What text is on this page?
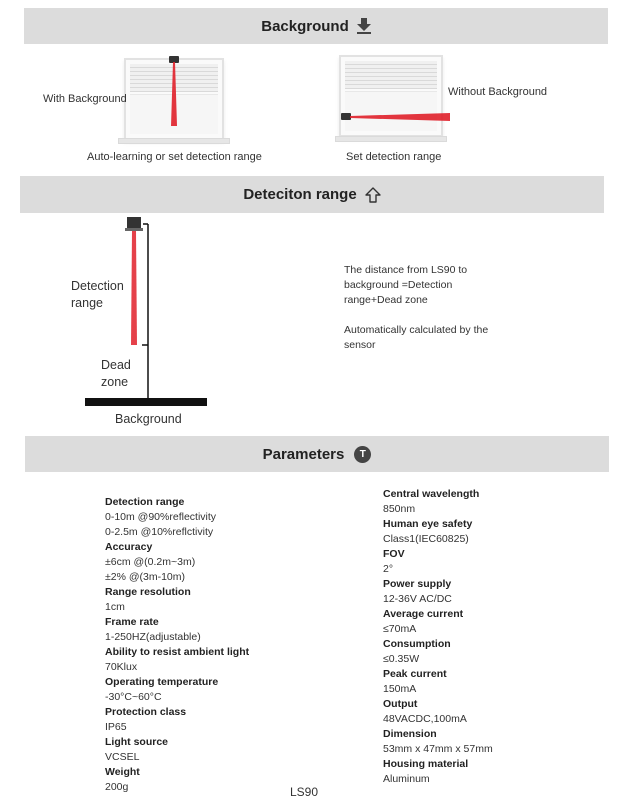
Background
With Background
Auto-learning or set detection range
Without Background
Set detection range
Deteciton range
Detection range
Dead zone
Background
The distance from LS90 to background =Detection range+Dead zone
Automatically calculated by the sensor
Parameters	T
Detection range
0-10m @90%reflectivity
0-2.5m @10%reflctivity
Accuracy
±6cm @(0.2m~3m)
±2% @(3m-10m)
Range resolution
1cm
Frame rate
1-250HZ(adjustable)
Ability to resist ambient light
70Klux
Operating temperature
-30°C~60°C
Protection class
IP65
Light source
VCSEL
Weight
200g
Central wavelength
850nm
Human eye safety
Class1(IEC60825)
FOV
2°
Power supply
12-36V AC/DC
Average current
≤70mA
Consumption
≤0.35W
Peak current
150mA
Output
48VACDC,100mA
Dimension
53mm x 47mm x 57mm
Housing material
Aluminum
LS90
